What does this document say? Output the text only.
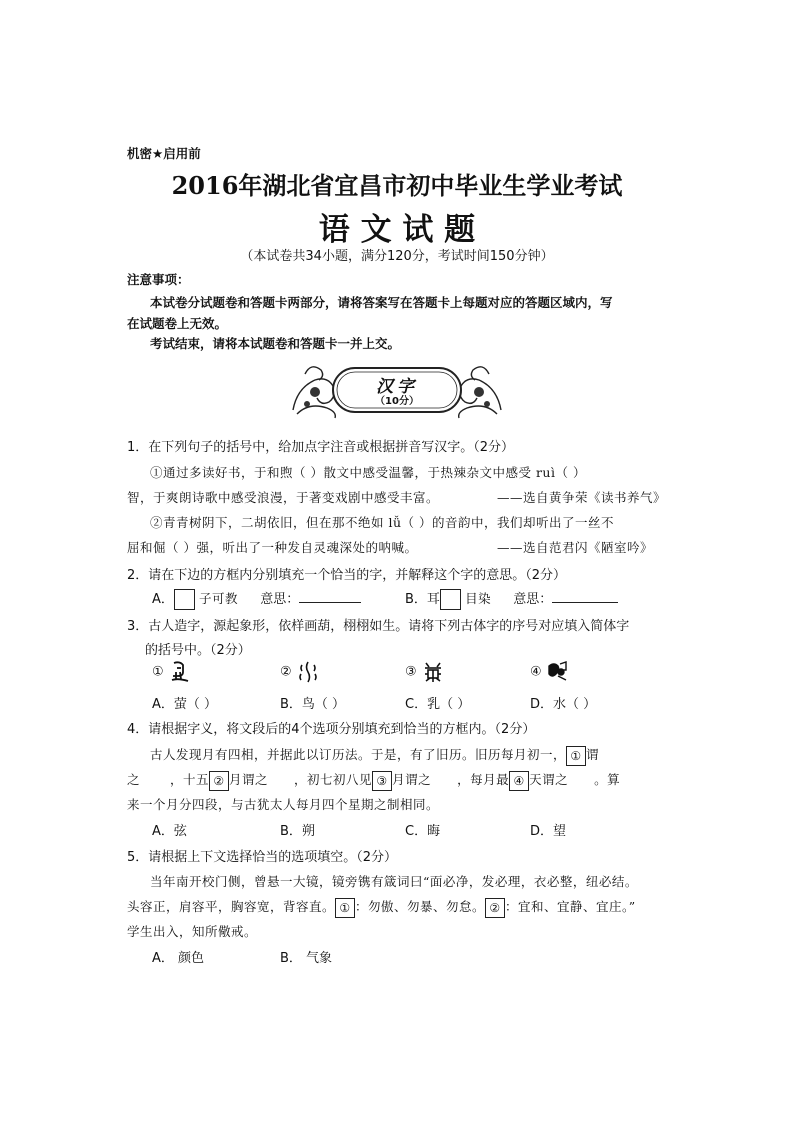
机密★启用前
2016年湖北省宜昌市初中毕业生学业考试
语 文 试 题
（本试卷共34小题，满分120分，考试时间150分钟）
注意事项：
本试卷分试题卷和答题卡两部分，请将答案写在答题卡上每题对应的答题区域内，写
在试题卷上无效。
考试结束，请将本试题卷和答题卡一并上交。
汉字
（10分）
1．在下列句子的括号中，给加点字注音或根据拼音写汉字。（2分）
①通过多读好书，于和煦（ ）散文中感受温馨，于热辣杂文中感受 ruì（ ）
智，于爽朗诗歌中感受浪漫，于著变戏剧中感受丰富。	——选自黄争荣《读书养气》
②青青树阴下，二胡依旧，但在那不绝如 lǚ（ ）的音韵中，我们却听出了一丝不
屈和倔（ ）强，听出了一种发自灵魂深处的呐喊。	——选自范君闪《陋室吟》
2．请在下边的方框内分别填充一个恰当的字，并解释这个字的意思。（2分）
A． 子可教 意思：	B．耳 目染 意思：
3．古人造字，源起象形，依样画葫，栩栩如生。请将下列古体字的序号对应填入简体字
的括号中。（2分）
①	②	③	④
A．萤（ ）	B．鸟（ ）	C．乳（ ）	D．水（ ）
4．请根据字义，将文段后的4个选项分别填充到恰当的方框内。（2分）
古人发现月有四相，并据此以订历法。于是，有了旧历。旧历每月初一， ① 谓
之 ，十五 ② 月谓之 ，初七初八见 ③ 月谓之 ，每月最 ④ 天谓之 。算
来一个月分四段，与古犹太人每月四个星期之制相同。
A．弦	B．朔	C．晦	D．望
5．请根据上下文选择恰当的选项填空。（2分）
当年南开校门侧，曾悬一大镜，镜旁镌有箴词曰“面必净，发必理，衣必整，纽必结。
头容正，肩容平，胸容宽，背容直。 ① ：勿傲、勿暴、勿怠。 ② ：宜和、宜静、宜庄。”
学生出入，知所儆戒。
A． 颜色	B． 气象
